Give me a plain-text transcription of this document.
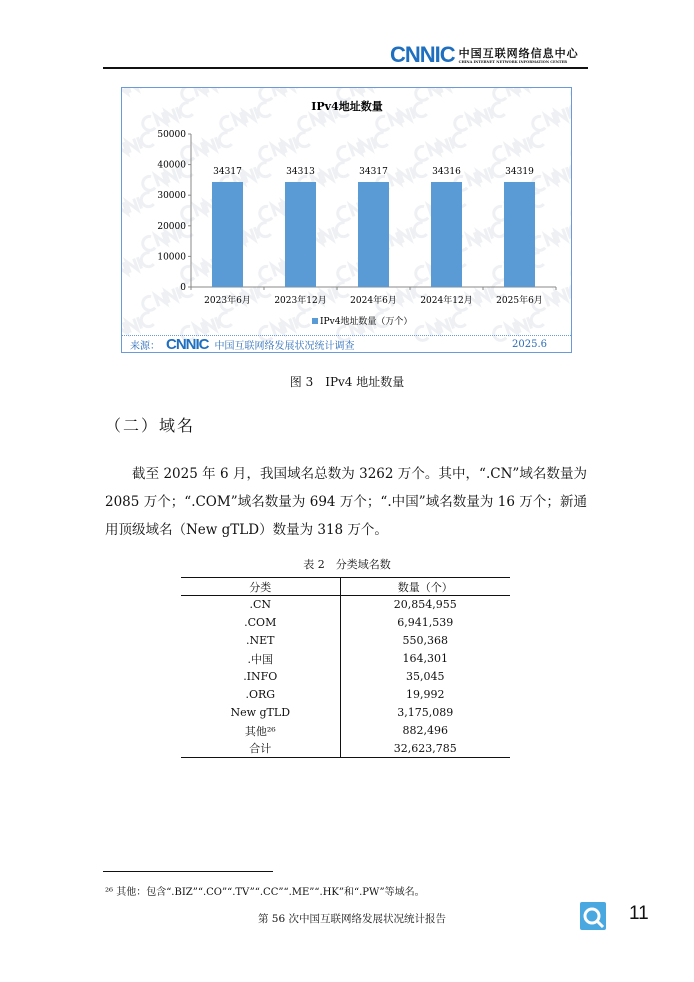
CNNIC 中国互联网络信息中心
CHINA INTERNET NETWORK INFORMATION CENTER
IPv4地址数量
0
10000
20000
30000
40000
50000
34317
2023年6月
34313
2023年12月
34317
2024年6月
34316
2024年12月
34319
2025年6月
IPv4地址数量（万个）
来源： CNNIC 中国互联网络发展状况统计调查	2025.6
图 3　IPv4 地址数量
（二）域名
截至 2025 年 6 月，我国域名总数为 3262 万个。其中，“.CN”域名数量为 2085 万个；“.COM”域名数量为 694 万个；“.中国”域名数量为 16 万个；新通用顶级域名（New gTLD）数量为 318 万个。
表 2　分类域名数
分类	数量（个）
.CN	20,854,955
.COM	6,941,539
.NET	550,368
.中国	164,301
.INFO	35,045
.ORG	19,992
New gTLD	3,175,089
其他²⁶	882,496
合计	32,623,785
²⁶ 其他：包含“.BIZ”“.CO”“.TV”“.CC”“.ME”“.HK”和“.PW”等域名。
第 56 次中国互联网络发展状况统计报告	11
